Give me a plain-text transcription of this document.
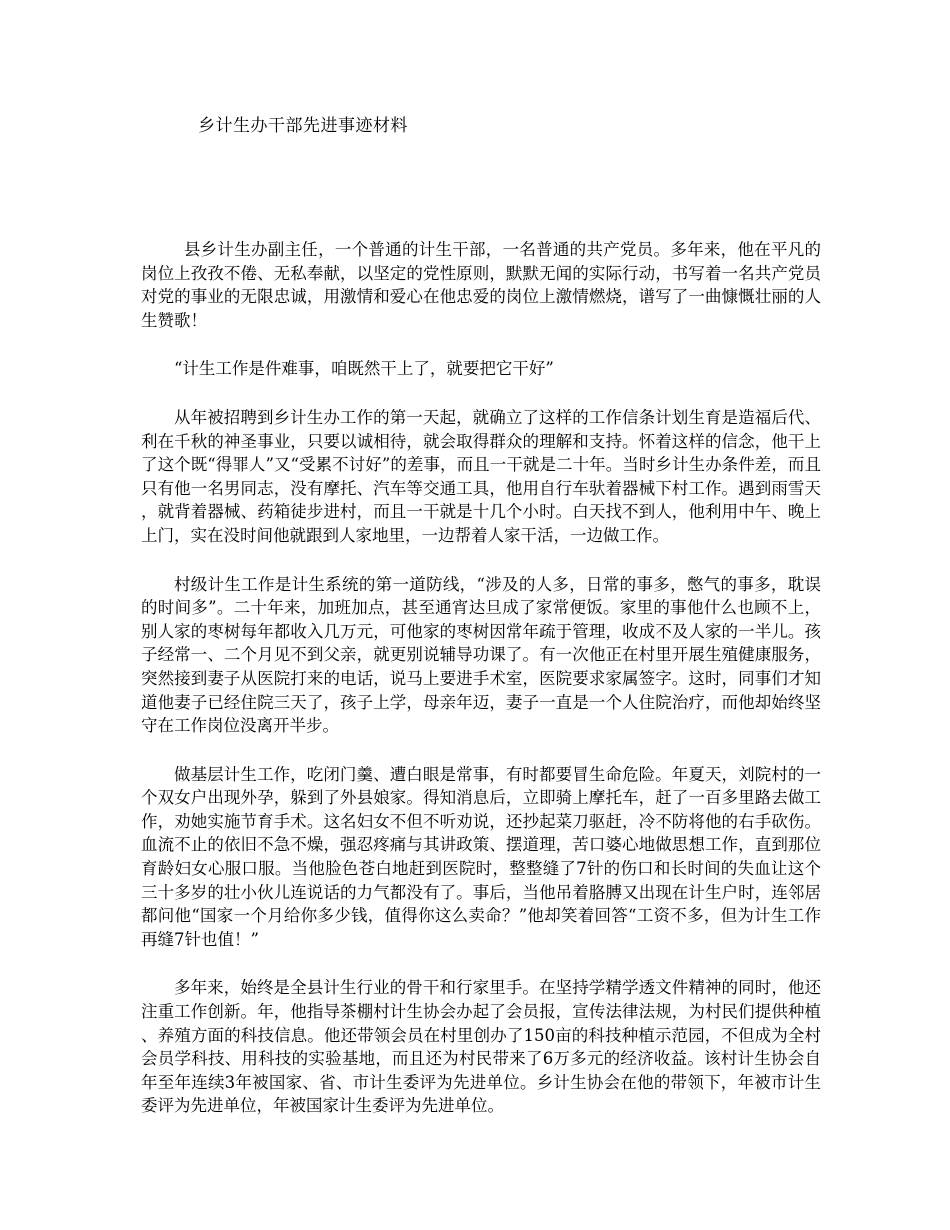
乡计生办干部先进事迹材料

县乡计生办副主任，一个普通的计生干部，一名普通的共产党员。多年来，他在平凡的岗位上孜孜不倦、无私奉献，以坚定的党性原则，默默无闻的实际行动，书写着一名共产党员对党的事业的无限忠诚，用激情和爱心在他忠爱的岗位上激情燃烧，谱写了一曲慷慨壮丽的人生赞歌！

“计生工作是件难事，咱既然干上了，就要把它干好”

从年被招聘到乡计生办工作的第一天起，就确立了这样的工作信条计划生育是造福后代、利在千秋的神圣事业，只要以诚相待，就会取得群众的理解和支持。怀着这样的信念，他干上了这个既“得罪人”又“受累不讨好”的差事，而且一干就是二十年。当时乡计生办条件差，而且只有他一名男同志，没有摩托、汽车等交通工具，他用自行车驮着器械下村工作。遇到雨雪天，就背着器械、药箱徒步进村，而且一干就是十几个小时。白天找不到人，他利用中午、晚上上门，实在没时间他就跟到人家地里，一边帮着人家干活，一边做工作。

村级计生工作是计生系统的第一道防线，“涉及的人多，日常的事多，憋气的事多，耽误的时间多”。二十年来，加班加点，甚至通宵达旦成了家常便饭。家里的事他什么也顾不上，别人家的枣树每年都收入几万元，可他家的枣树因常年疏于管理，收成不及人家的一半儿。孩子经常一、二个月见不到父亲，就更别说辅导功课了。有一次他正在村里开展生殖健康服务，突然接到妻子从医院打来的电话，说马上要进手术室，医院要求家属签字。这时，同事们才知道他妻子已经住院三天了，孩子上学，母亲年迈，妻子一直是一个人住院治疗，而他却始终坚守在工作岗位没离开半步。

做基层计生工作，吃闭门羹、遭白眼是常事，有时都要冒生命危险。年夏天，刘院村的一个双女户出现外孕，躲到了外县娘家。得知消息后，立即骑上摩托车，赶了一百多里路去做工作，劝她实施节育手术。这名妇女不但不听劝说，还抄起菜刀驱赶，冷不防将他的右手砍伤。血流不止的依旧不急不燥，强忍疼痛与其讲政策、摆道理，苦口婆心地做思想工作，直到那位育龄妇女心服口服。当他脸色苍白地赶到医院时，整整缝了7针的伤口和长时间的失血让这个三十多岁的壮小伙儿连说话的力气都没有了。事后，当他吊着胳膊又出现在计生户时，连邻居都问他“国家一个月给你多少钱，值得你这么卖命？”他却笑着回答“工资不多，但为计生工作再缝7针也值！”

多年来，始终是全县计生行业的骨干和行家里手。在坚持学精学透文件精神的同时，他还注重工作创新。年，他指导茶棚村计生协会办起了会员报，宣传法律法规，为村民们提供种植、养殖方面的科技信息。他还带领会员在村里创办了150亩的科技种植示范园，不但成为全村会员学科技、用科技的实验基地，而且还为村民带来了6万多元的经济收益。该村计生协会自年至年连续3年被国家、省、市计生委评为先进单位。乡计生协会在他的带领下，年被市计生委评为先进单位，年被国家计生委评为先进单位。
